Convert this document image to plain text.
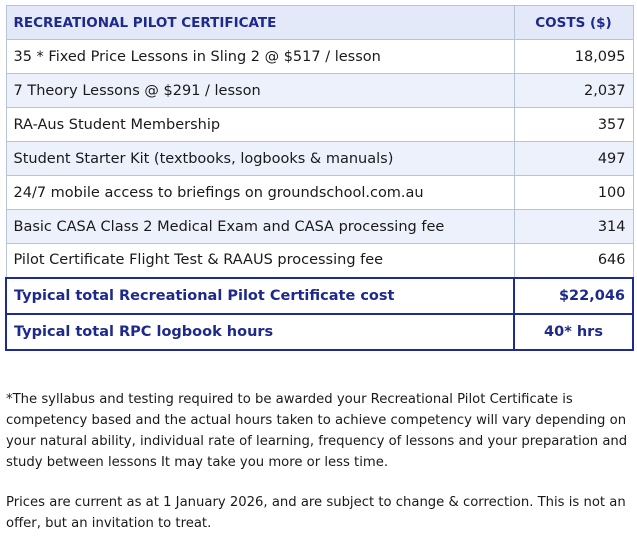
RECREATIONAL PILOT CERTIFICATE	COSTS ($)
35 * Fixed Price Lessons in Sling 2 @ $517 / lesson	18,095
7 Theory Lessons @ $291 / lesson	2,037
RA-Aus Student Membership	357
Student Starter Kit (textbooks, logbooks & manuals)	497
24/7 mobile access to briefings on groundschool.com.au	100
Basic CASA Class 2 Medical Exam and CASA processing fee	314
Pilot Certificate Flight Test & RAAUS processing fee	646
Typical total Recreational Pilot Certificate cost	$22,046
Typical total RPC logbook hours	40* hrs

*The syllabus and testing required to be awarded your Recreational Pilot Certificate is competency based and the actual hours taken to achieve competency will vary depending on your natural ability, individual rate of learning, frequency of lessons and your preparation and study between lessons It may take you more or less time.

Prices are current as at 1 January 2026, and are subject to change & correction. This is not an offer, but an invitation to treat.
